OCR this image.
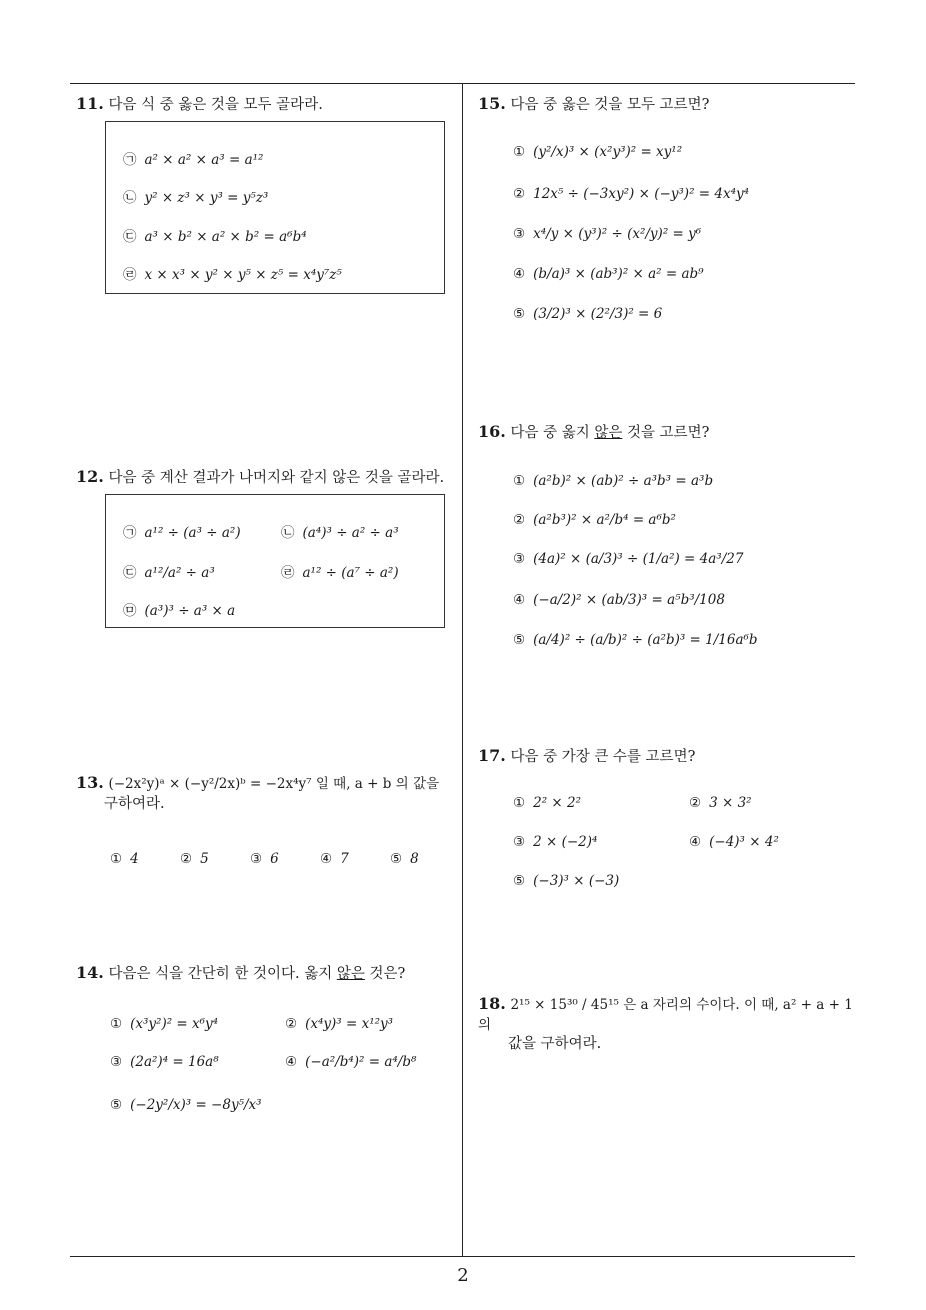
11. 다음 식 중 옳은 것을 모두 골라라.
㉠ a² × a² × a³ = a¹²
㉡ y² × z³ × y³ = y⁵z³
㉢ a³ × b² × a² × b² = a⁶b⁴
㉣ x × x³ × y² × y⁵ × z⁵ = x⁴y⁷z⁵
12. 다음 중 계산 결과가 나머지와 같지 않은 것을 골라라.
㉠ a¹² ÷ (a³ ÷ a²)	㉡ (a⁴)³ ÷ a² ÷ a³
㉢ a¹²/a² ÷ a³	㉣ a¹² ÷ (a⁷ ÷ a²)
㉤ (a³)³ ÷ a³ × a
13. (−2x²y)ᵃ × (−y²/2x)ᵇ = −2x⁴y⁷ 일 때, a + b 의 값을
구하여라.
① 4	② 5	③ 6	④ 7	⑤ 8
14. 다음은 식을 간단히 한 것이다. 옳지 않은 것은?
① (x³y²)² = x⁶y⁴	② (x⁴y)³ = x¹²y³
③ (2a²)⁴ = 16a⁸	④ (−a²/b⁴)² = a⁴/b⁸
⑤ (−2y²/x)³ = −8y⁵/x³
15. 다음 중 옳은 것을 모두 고르면?
① (y²/x)³ × (x²y³)² = xy¹²
② 12x⁵ ÷ (−3xy²) × (−y³)² = 4x⁴y⁴
③ x⁴/y × (y³)² ÷ (x²/y)² = y⁶
④ (b/a)³ × (ab³)² × a² = ab⁹
⑤ (3/2)³ × (2²/3)² = 6
16. 다음 중 옳지 않은 것을 고르면?
① (a²b)² × (ab)² ÷ a³b³ = a³b
② (a²b³)² × a²/b⁴ = a⁶b²
③ (4a)² × (a/3)³ ÷ (1/a²) = 4a³/27
④ (−a/2)² × (ab/3)³ = a⁵b³/108
⑤ (a/4)² ÷ (a/b)² ÷ (a²b)³ = 1/16a⁶b
17. 다음 중 가장 큰 수를 고르면?
① 2² × 2²	② 3 × 3²
③ 2 × (−2)⁴	④ (−4)³ × 4²
⑤ (−3)³ × (−3)
18. 2¹⁵ × 15³⁰ / 45¹⁵ 은 a 자리의 수이다. 이 때, a² + a + 1 의
값을 구하여라.
2
